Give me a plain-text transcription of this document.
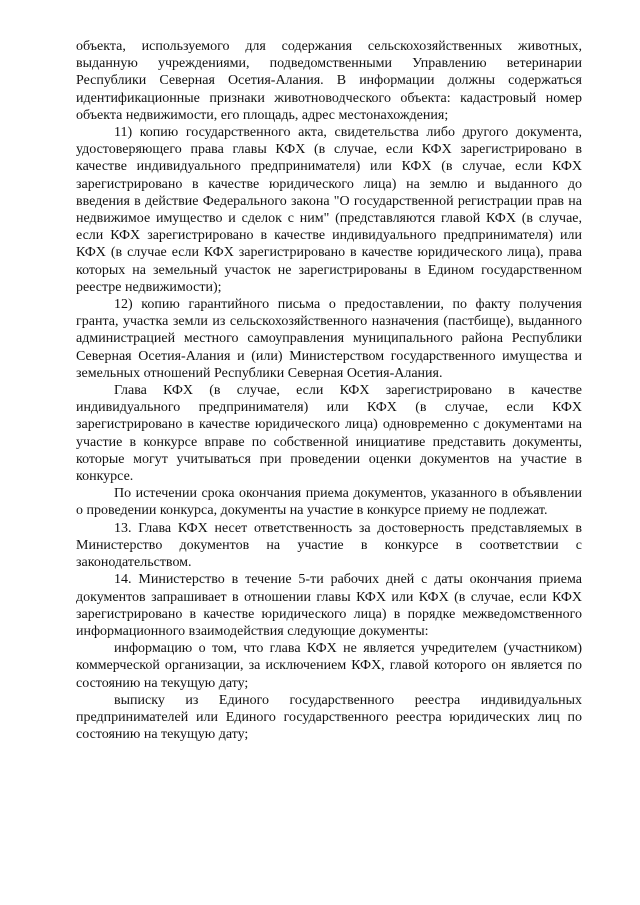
объекта, используемого для содержания сельскохозяйственных животных, выданную учреждениями, подведомственными Управлению ветеринарии Республики Северная Осетия-Алания. В информации должны содержаться идентификационные признаки животноводческого объекта: кадастровый номер объекта недвижимости, его площадь, адрес местонахождения;

11) копию государственного акта, свидетельства либо другого документа, удостоверяющего права главы КФХ (в случае, если КФХ зарегистрировано в качестве индивидуального предпринимателя) или КФХ (в случае, если КФХ зарегистрировано в качестве юридического лица) на землю и выданного до введения в действие Федерального закона "О государственной регистрации прав на недвижимое имущество и сделок с ним" (представляются главой КФХ (в случае, если КФХ зарегистрировано в качестве индивидуального предпринимателя) или КФХ (в случае если КФХ зарегистрировано в качестве юридического лица), права которых на земельный участок не зарегистрированы в Едином государственном реестре недвижимости);

12) копию гарантийного письма о предоставлении, по факту получения гранта, участка земли из сельскохозяйственного назначения (пастбище), выданного администрацией местного самоуправления муниципального района Республики Северная Осетия-Алания и (или) Министерством государственного имущества и земельных отношений Республики Северная Осетия-Алания.

Глава КФХ (в случае, если КФХ зарегистрировано в качестве индивидуального предпринимателя) или КФХ (в случае, если КФХ зарегистрировано в качестве юридического лица) одновременно с документами на участие в конкурсе вправе по собственной инициативе представить документы, которые могут учитываться при проведении оценки документов на участие в конкурсе.

По истечении срока окончания приема документов, указанного в объявлении о проведении конкурса, документы на участие в конкурсе приему не подлежат.

13. Глава КФХ несет ответственность за достоверность представляемых в Министерство документов на участие в конкурсе в соответствии с законодательством.

14. Министерство в течение 5-ти рабочих дней с даты окончания приема документов запрашивает в отношении главы КФХ или КФХ (в случае, если КФХ зарегистрировано в качестве юридического лица) в порядке межведомственного информационного взаимодействия следующие документы:

информацию о том, что глава КФХ не является учредителем (участником) коммерческой организации, за исключением КФХ, главой которого он является по состоянию на текущую дату;

выписку из Единого государственного реестра индивидуальных предпринимателей или Единого государственного реестра юридических лиц по состоянию на текущую дату;
